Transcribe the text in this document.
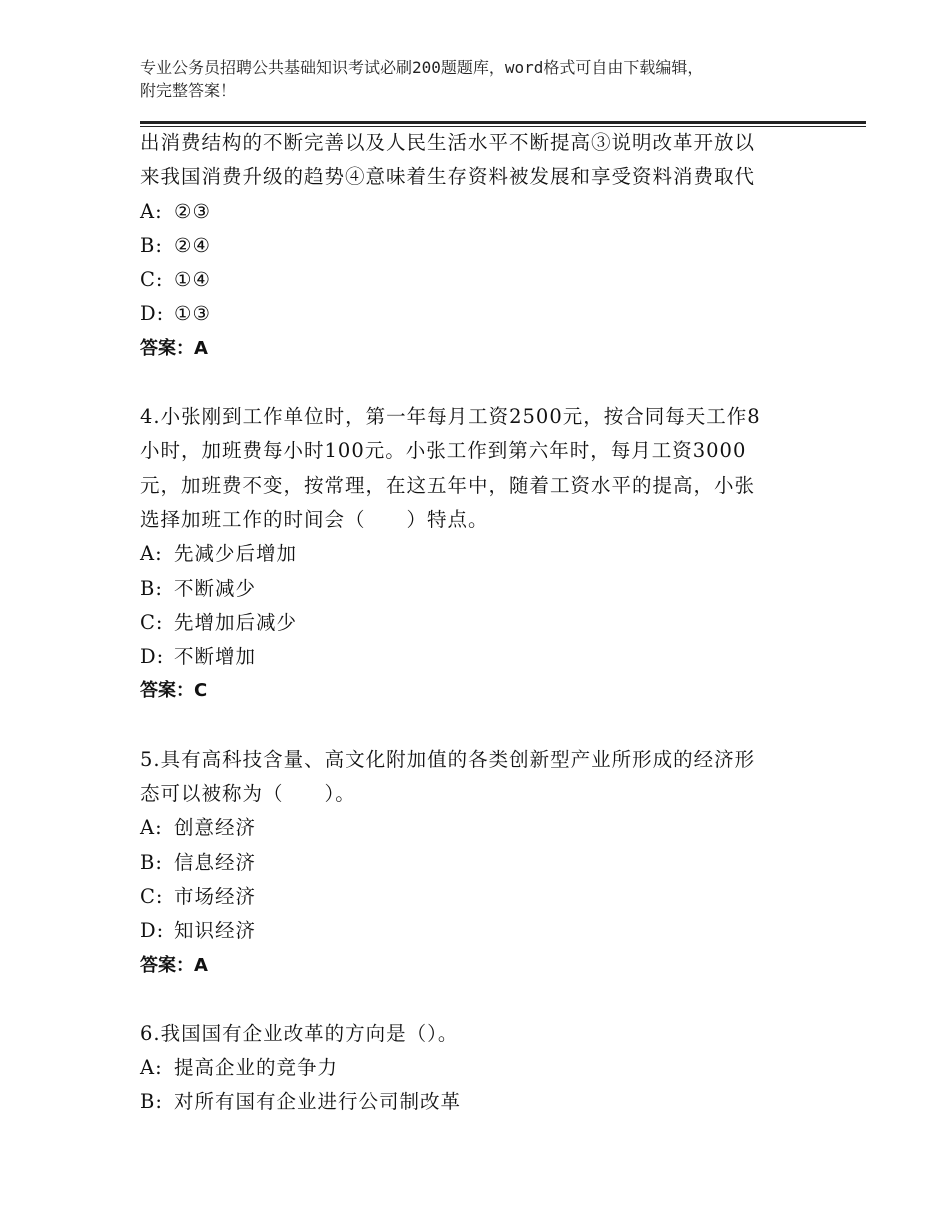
专业公务员招聘公共基础知识考试必刷200题题库，word格式可自由下载编辑，
附完整答案！
出消费结构的不断完善以及人民生活水平不断提高③说明改革开放以
来我国消费升级的趋势④意味着生存资料被发展和享受资料消费取代
A: ②③
B: ②④
C: ①④
D: ①③
答案：A
4.小张刚到工作单位时，第一年每月工资2500元，按合同每天工作8
小时，加班费每小时100元。小张工作到第六年时，每月工资3000
元，加班费不变，按常理，在这五年中，随着工资水平的提高，小张
选择加班工作的时间会（　　）特点。
A: 先减少后增加
B: 不断减少
C: 先增加后减少
D: 不断增加
答案：C
5.具有高科技含量、高文化附加值的各类创新型产业所形成的经济形
态可以被称为（　　）。
A: 创意经济
B: 信息经济
C: 市场经济
D: 知识经济
答案：A
6.我国国有企业改革的方向是（）。
A: 提高企业的竞争力
B: 对所有国有企业进行公司制改革
